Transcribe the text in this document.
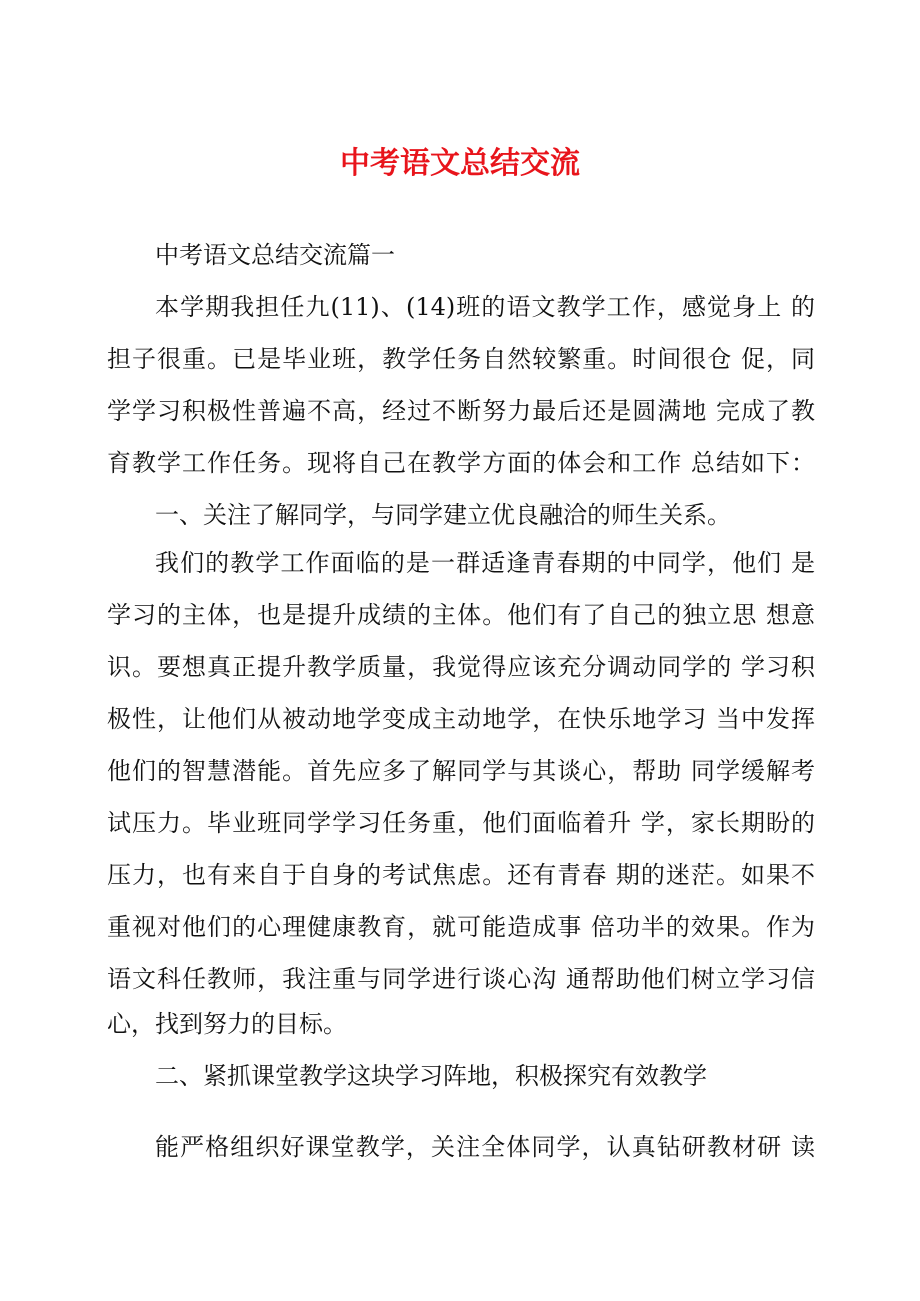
中考语文总结交流
中考语文总结交流篇一
本学期我担任九(11)、(14)班的语文教学工作，感觉身上 的
担子很重。已是毕业班，教学任务自然较繁重。时间很仓 促，同
学学习积极性普遍不高，经过不断努力最后还是圆满地 完成了教
育教学工作任务。现将自己在教学方面的体会和工作 总结如下：
一、关注了解同学，与同学建立优良融洽的师生关系。
我们的教学工作面临的是一群适逢青春期的中同学，他们 是
学习的主体，也是提升成绩的主体。他们有了自己的独立思 想意
识。要想真正提升教学质量，我觉得应该充分调动同学的 学习积
极性，让他们从被动地学变成主动地学，在快乐地学习 当中发挥
他们的智慧潜能。首先应多了解同学与其谈心，帮助 同学缓解考
试压力。毕业班同学学习任务重，他们面临着升 学，家长期盼的
压力，也有来自于自身的考试焦虑。还有青春 期的迷茫。如果不
重视对他们的心理健康教育，就可能造成事 倍功半的效果。作为
语文科任教师，我注重与同学进行谈心沟 通帮助他们树立学习信
心，找到努力的目标。
二、紧抓课堂教学这块学习阵地，积极探究有效教学
能严格组织好课堂教学，关注全体同学，认真钻研教材研 读
